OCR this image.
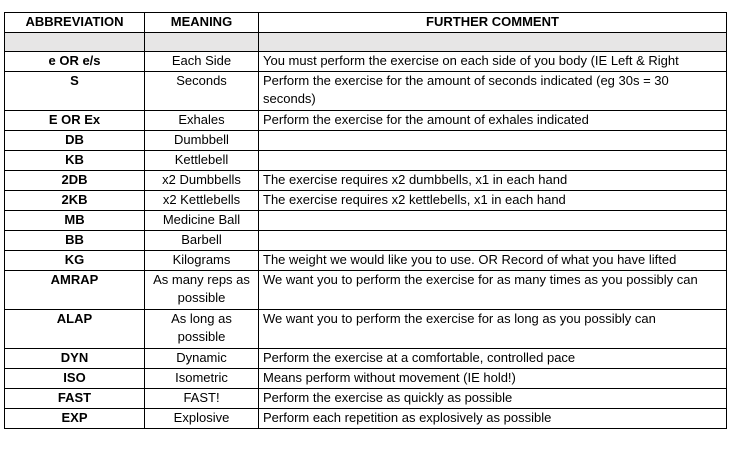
ABBREVIATION	MEANING	FURTHER COMMENT

e OR e/s	Each Side	You must perform the exercise on each side of you body (IE Left & Right
S	Seconds	Perform the exercise for the amount of seconds indicated (eg 30s = 30 seconds)
E OR Ex	Exhales	Perform the exercise for the amount of exhales indicated
DB	Dumbbell	
KB	Kettlebell	
2DB	x2 Dumbbells	The exercise requires x2 dumbbells, x1 in each hand
2KB	x2 Kettlebells	The exercise requires x2 kettlebells, x1 in each hand
MB	Medicine Ball	
BB	Barbell	
KG	Kilograms	The weight we would like you to use. OR Record of what you have lifted
AMRAP	As many reps as possible	We want you to perform the exercise for as many times as you possibly can
ALAP	As long as possible	We want you to perform the exercise for as long as you possibly can
DYN	Dynamic	Perform the exercise at a comfortable, controlled pace
ISO	Isometric	Means perform without movement (IE hold!)
FAST	FAST!	Perform the exercise as quickly as possible
EXP	Explosive	Perform each repetition as explosively as possible
